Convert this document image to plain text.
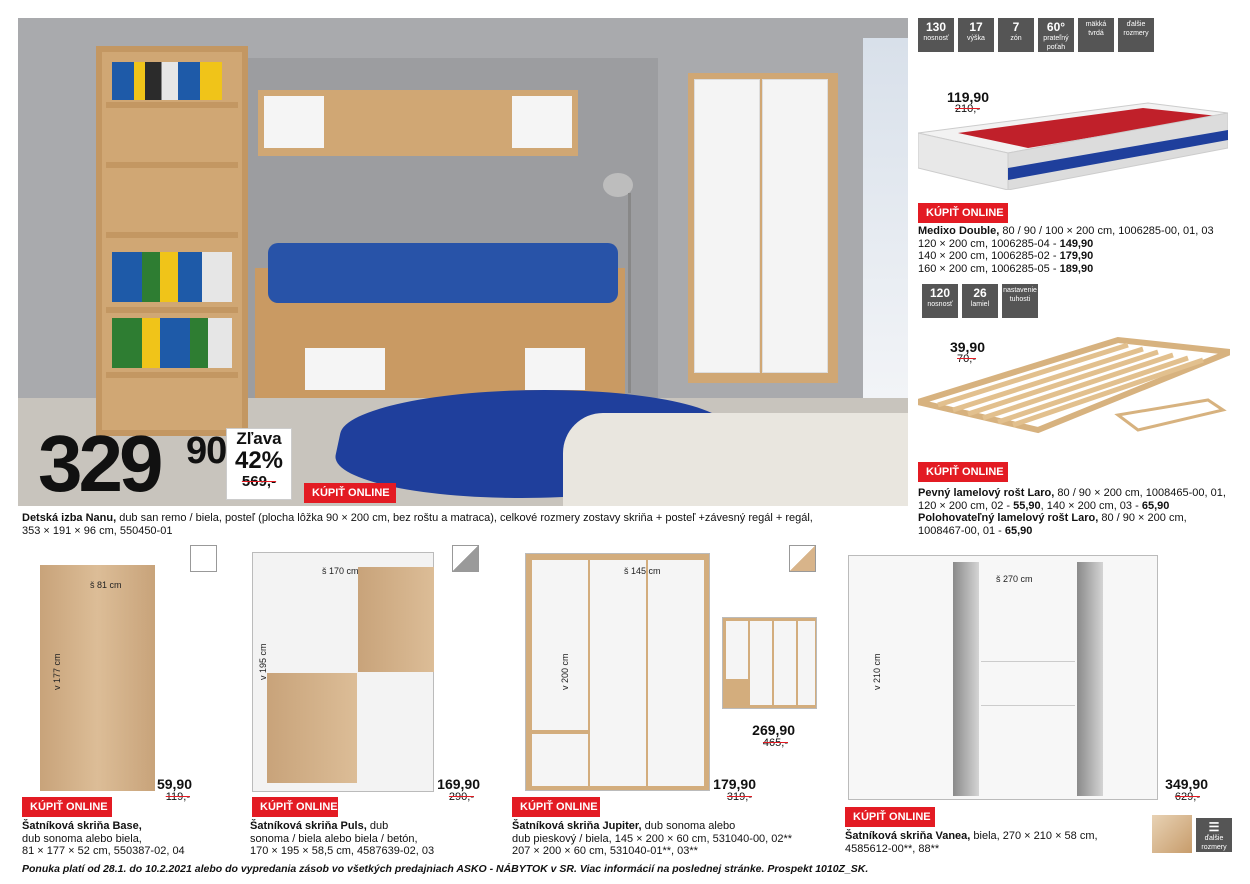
329 90 Zľava
42%
569,-
KÚPIŤ ONLINE
Detská izba Nanu, dub san remo / biela, posteľ (plocha lôžka 90 × 200 cm, bez roštu a matraca), celkové rozmery zostavy skriňa + posteľ +závesný regál + regál,
353 × 191 × 96 cm, 550450-01
130
nosnosť
17
výška
7
zón
60°
prateľný poťah
mäkká tvrdá
ďalšie rozmery
119,90
210,-
KÚPIŤ ONLINE
Medixo Double, 80 / 90 / 100 × 200 cm, 1006285-00, 01, 03
120 × 200 cm, 1006285-04 - 149,90
140 × 200 cm, 1006285-02 - 179,90
160 × 200 cm, 1006285-05 - 189,90
120
nosnosť
26
lamiel
nastavenie tuhosti
39,90
70,-
KÚPIŤ ONLINE
Pevný lamelový rošt Laro, 80 / 90 × 200 cm, 1008465-00, 01,
120 × 200 cm, 02 - 55,90, 140 × 200 cm, 03 - 65,90
Polohovateľný lamelový rošt Laro, 80 / 90 × 200 cm,
1008467-00, 01 - 65,90
š 81 cm
v 177 cm
59,90
119,-
KÚPIŤ ONLINE
Šatníková skriňa Base,
dub sonoma alebo biela,
81 × 177 × 52 cm, 550387-02, 04
š 170 cm
v 195 cm
169,90
290,-
KÚPIŤ ONLINE
Šatníková skriňa Puls, dub
sonoma / biela alebo biela / betón,
170 × 195 × 58,5 cm, 4587639-02, 03
š 145 cm
v 200 cm
269,90
465,-
179,90
319,-
KÚPIŤ ONLINE
Šatníková skriňa Jupiter, dub sonoma alebo
dub pieskový / biela, 145 × 200 × 60 cm, 531040-00, 02**
207 × 200 × 60 cm, 531040-01**, 03**
š 270 cm
v 210 cm
349,90
629,-
KÚPIŤ ONLINE
Šatníková skriňa Vanea, biela, 270 × 210 × 58 cm,
4585612-00**, 88**
☰
ďalšie rozmery
Ponuka platí od 28.1. do 10.2.2021 alebo do vypredania zásob vo všetkých predajniach ASKO - NÁBYTOK v SR. Viac informácií na poslednej stránke. Prospekt 1010Z_SK.
